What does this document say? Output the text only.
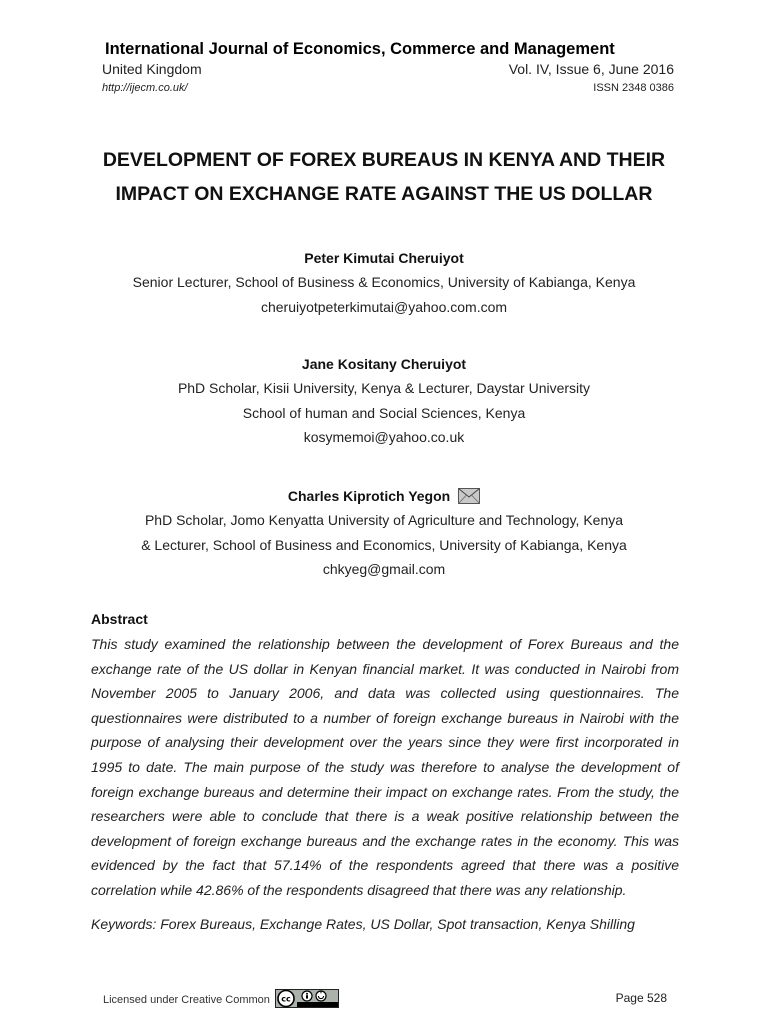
International Journal of Economics, Commerce and Management
United Kingdom	Vol. IV, Issue 6, June 2016
http://ijecm.co.uk/	ISSN 2348 0386
DEVELOPMENT OF FOREX BUREAUS IN KENYA AND THEIR
IMPACT ON EXCHANGE RATE AGAINST THE US DOLLAR
Peter Kimutai Cheruiyot
Senior Lecturer, School of Business & Economics, University of Kabianga, Kenya
cheruiyotpeterkimutai@yahoo.com.com
Jane Kositany Cheruiyot
PhD Scholar, Kisii University, Kenya & Lecturer, Daystar University
School of human and Social Sciences, Kenya
kosymemoi@yahoo.co.uk
Charles Kiprotich Yegon
PhD Scholar, Jomo Kenyatta University of Agriculture and Technology, Kenya
& Lecturer, School of Business and Economics, University of Kabianga, Kenya
chkyeg@gmail.com
Abstract

This study examined the relationship between the development of Forex Bureaus and the exchange rate of the US dollar in Kenyan financial market. It was conducted in Nairobi from November 2005 to January 2006, and data was collected using questionnaires. The questionnaires were distributed to a number of foreign exchange bureaus in Nairobi with the purpose of analysing their development over the years since they were first incorporated in 1995 to date. The main purpose of the study was therefore to analyse the development of foreign exchange bureaus and determine their impact on exchange rates. From the study, the researchers were able to conclude that there is a weak positive relationship between the development of foreign exchange bureaus and the exchange rates in the economy. This was evidenced by the fact that 57.14% of the respondents agreed that there was a positive correlation while 42.86% of the respondents disagreed that there was any relationship.

Keywords: Forex Bureaus, Exchange Rates, US Dollar, Spot transaction, Kenya Shilling
Licensed under Creative Common cc	Page 528
